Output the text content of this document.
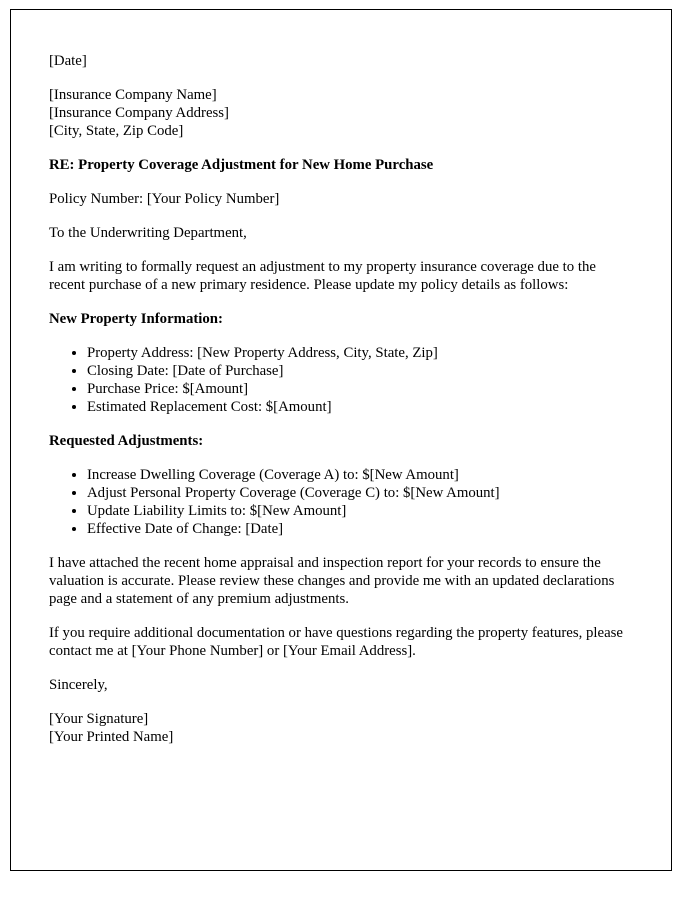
[Date]

[Insurance Company Name]

[Insurance Company Address]

[City, State, Zip Code]

RE: Property Coverage Adjustment for New Home Purchase

Policy Number: [Your Policy Number]

To the Underwriting Department,

I am writing to formally request an adjustment to my property insurance coverage due to the recent purchase of a new primary residence. Please update my policy details as follows:

New Property Information:

• Property Address: [New Property Address, City, State, Zip]
• Closing Date: [Date of Purchase]
• Purchase Price: $[Amount]
• Estimated Replacement Cost: $[Amount]

Requested Adjustments:

• Increase Dwelling Coverage (Coverage A) to: $[New Amount]
• Adjust Personal Property Coverage (Coverage C) to: $[New Amount]
• Update Liability Limits to: $[New Amount]
• Effective Date of Change: [Date]

I have attached the recent home appraisal and inspection report for your records to ensure the valuation is accurate. Please review these changes and provide me with an updated declarations page and a statement of any premium adjustments.

If you require additional documentation or have questions regarding the property features, please contact me at [Your Phone Number] or [Your Email Address].

Sincerely,

[Your Signature]

[Your Printed Name]
